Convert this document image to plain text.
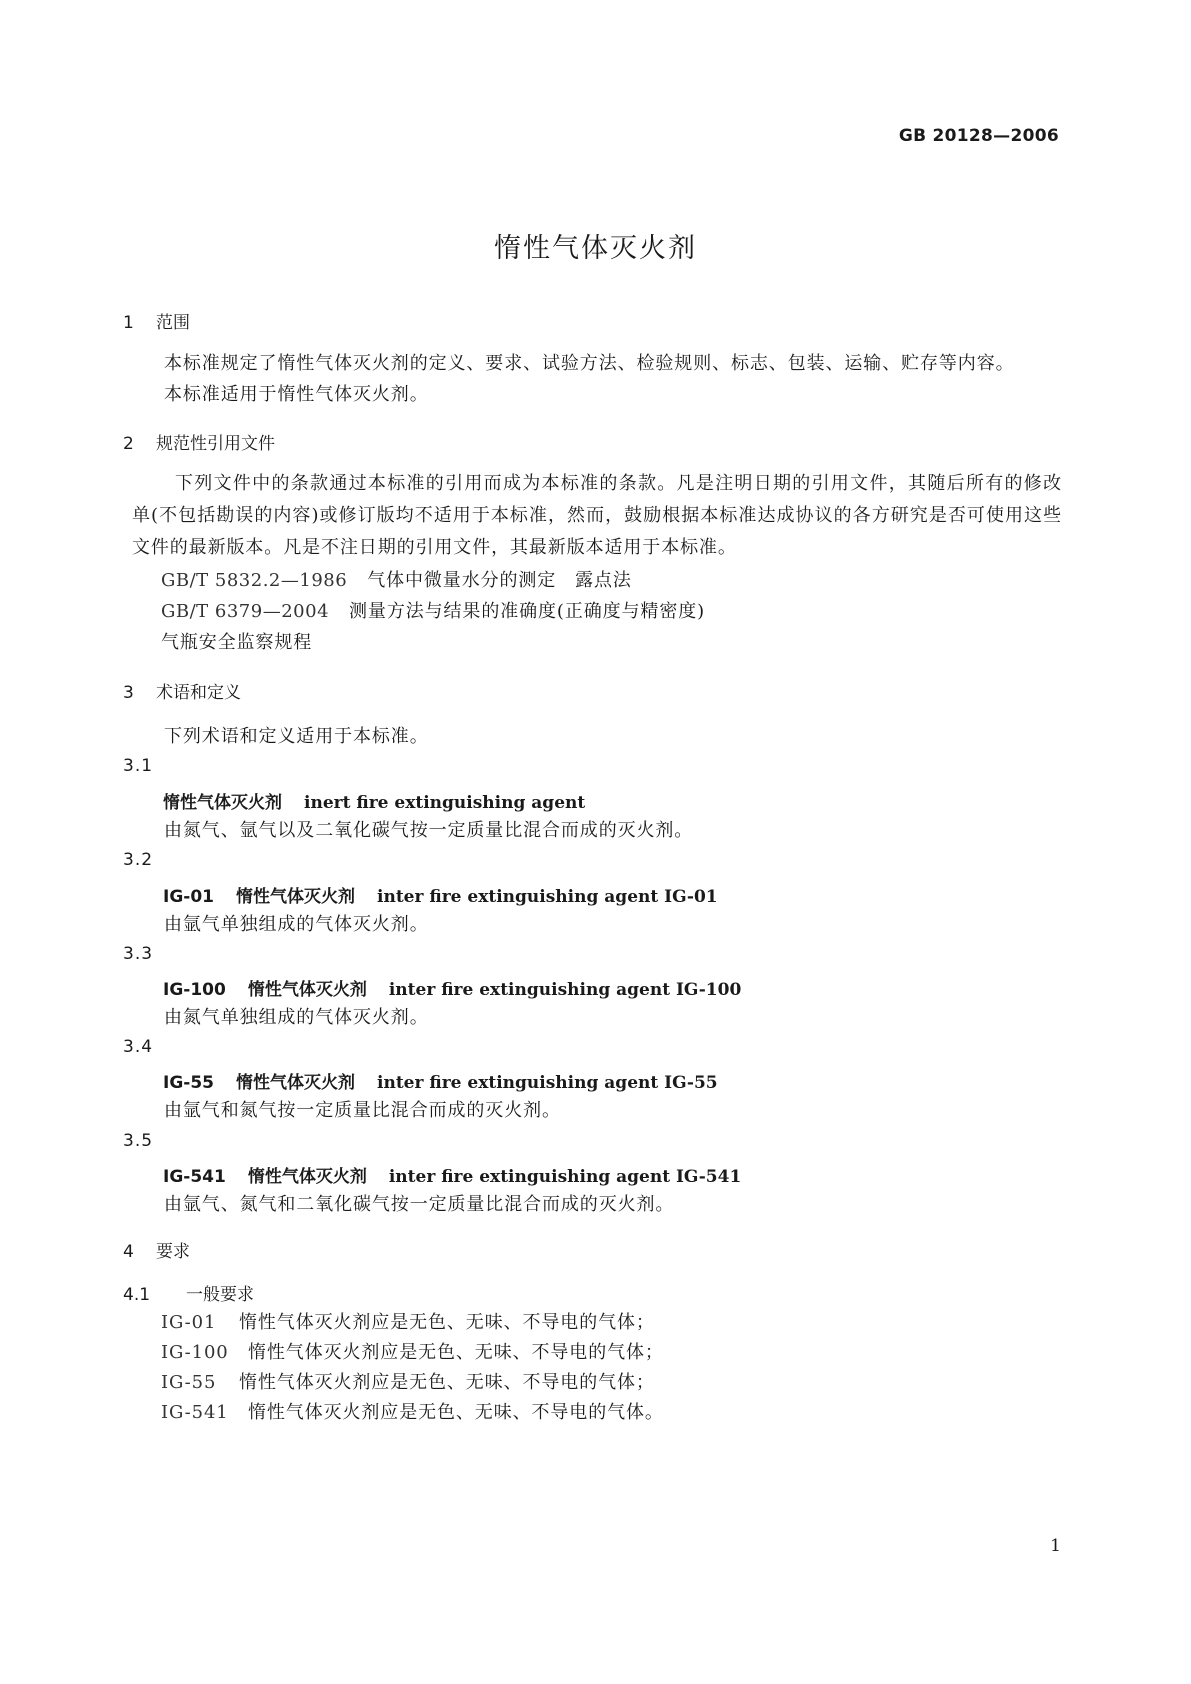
GB 20128—2006
惰性气体灭火剂
1 范围
本标准规定了惰性气体灭火剂的定义、要求、试验方法、检验规则、标志、包装、运输、贮存等内容。
本标准适用于惰性气体灭火剂。
2 规范性引用文件
下列文件中的条款通过本标准的引用而成为本标准的条款。凡是注明日期的引用文件，其随后所有的修改单(不包括勘误的内容)或修订版均不适用于本标准，然而，鼓励根据本标准达成协议的各方研究是否可使用这些文件的最新版本。凡是不注日期的引用文件，其最新版本适用于本标准。
GB/T 5832.2—1986 气体中微量水分的测定　露点法
GB/T 6379—2004 测量方法与结果的准确度(正确度与精密度)
气瓶安全监察规程
3 术语和定义
下列术语和定义适用于本标准。
3.1
惰性气体灭火剂 inert fire extinguishing agent
由氮气、氩气以及二氧化碳气按一定质量比混合而成的灭火剂。
3.2
IG-01 惰性气体灭火剂 inter fire extinguishing agent IG-01
由氩气单独组成的气体灭火剂。
3.3
IG-100 惰性气体灭火剂 inter fire extinguishing agent IG-100
由氮气单独组成的气体灭火剂。
3.4
IG-55 惰性气体灭火剂 inter fire extinguishing agent IG-55
由氩气和氮气按一定质量比混合而成的灭火剂。
3.5
IG-541 惰性气体灭火剂 inter fire extinguishing agent IG-541
由氩气、氮气和二氧化碳气按一定质量比混合而成的灭火剂。
4 要求
4.1 一般要求
IG-01 惰性气体灭火剂应是无色、无味、不导电的气体；
IG-100 惰性气体灭火剂应是无色、无味、不导电的气体；
IG-55 惰性气体灭火剂应是无色、无味、不导电的气体；
IG-541 惰性气体灭火剂应是无色、无味、不导电的气体。
1
